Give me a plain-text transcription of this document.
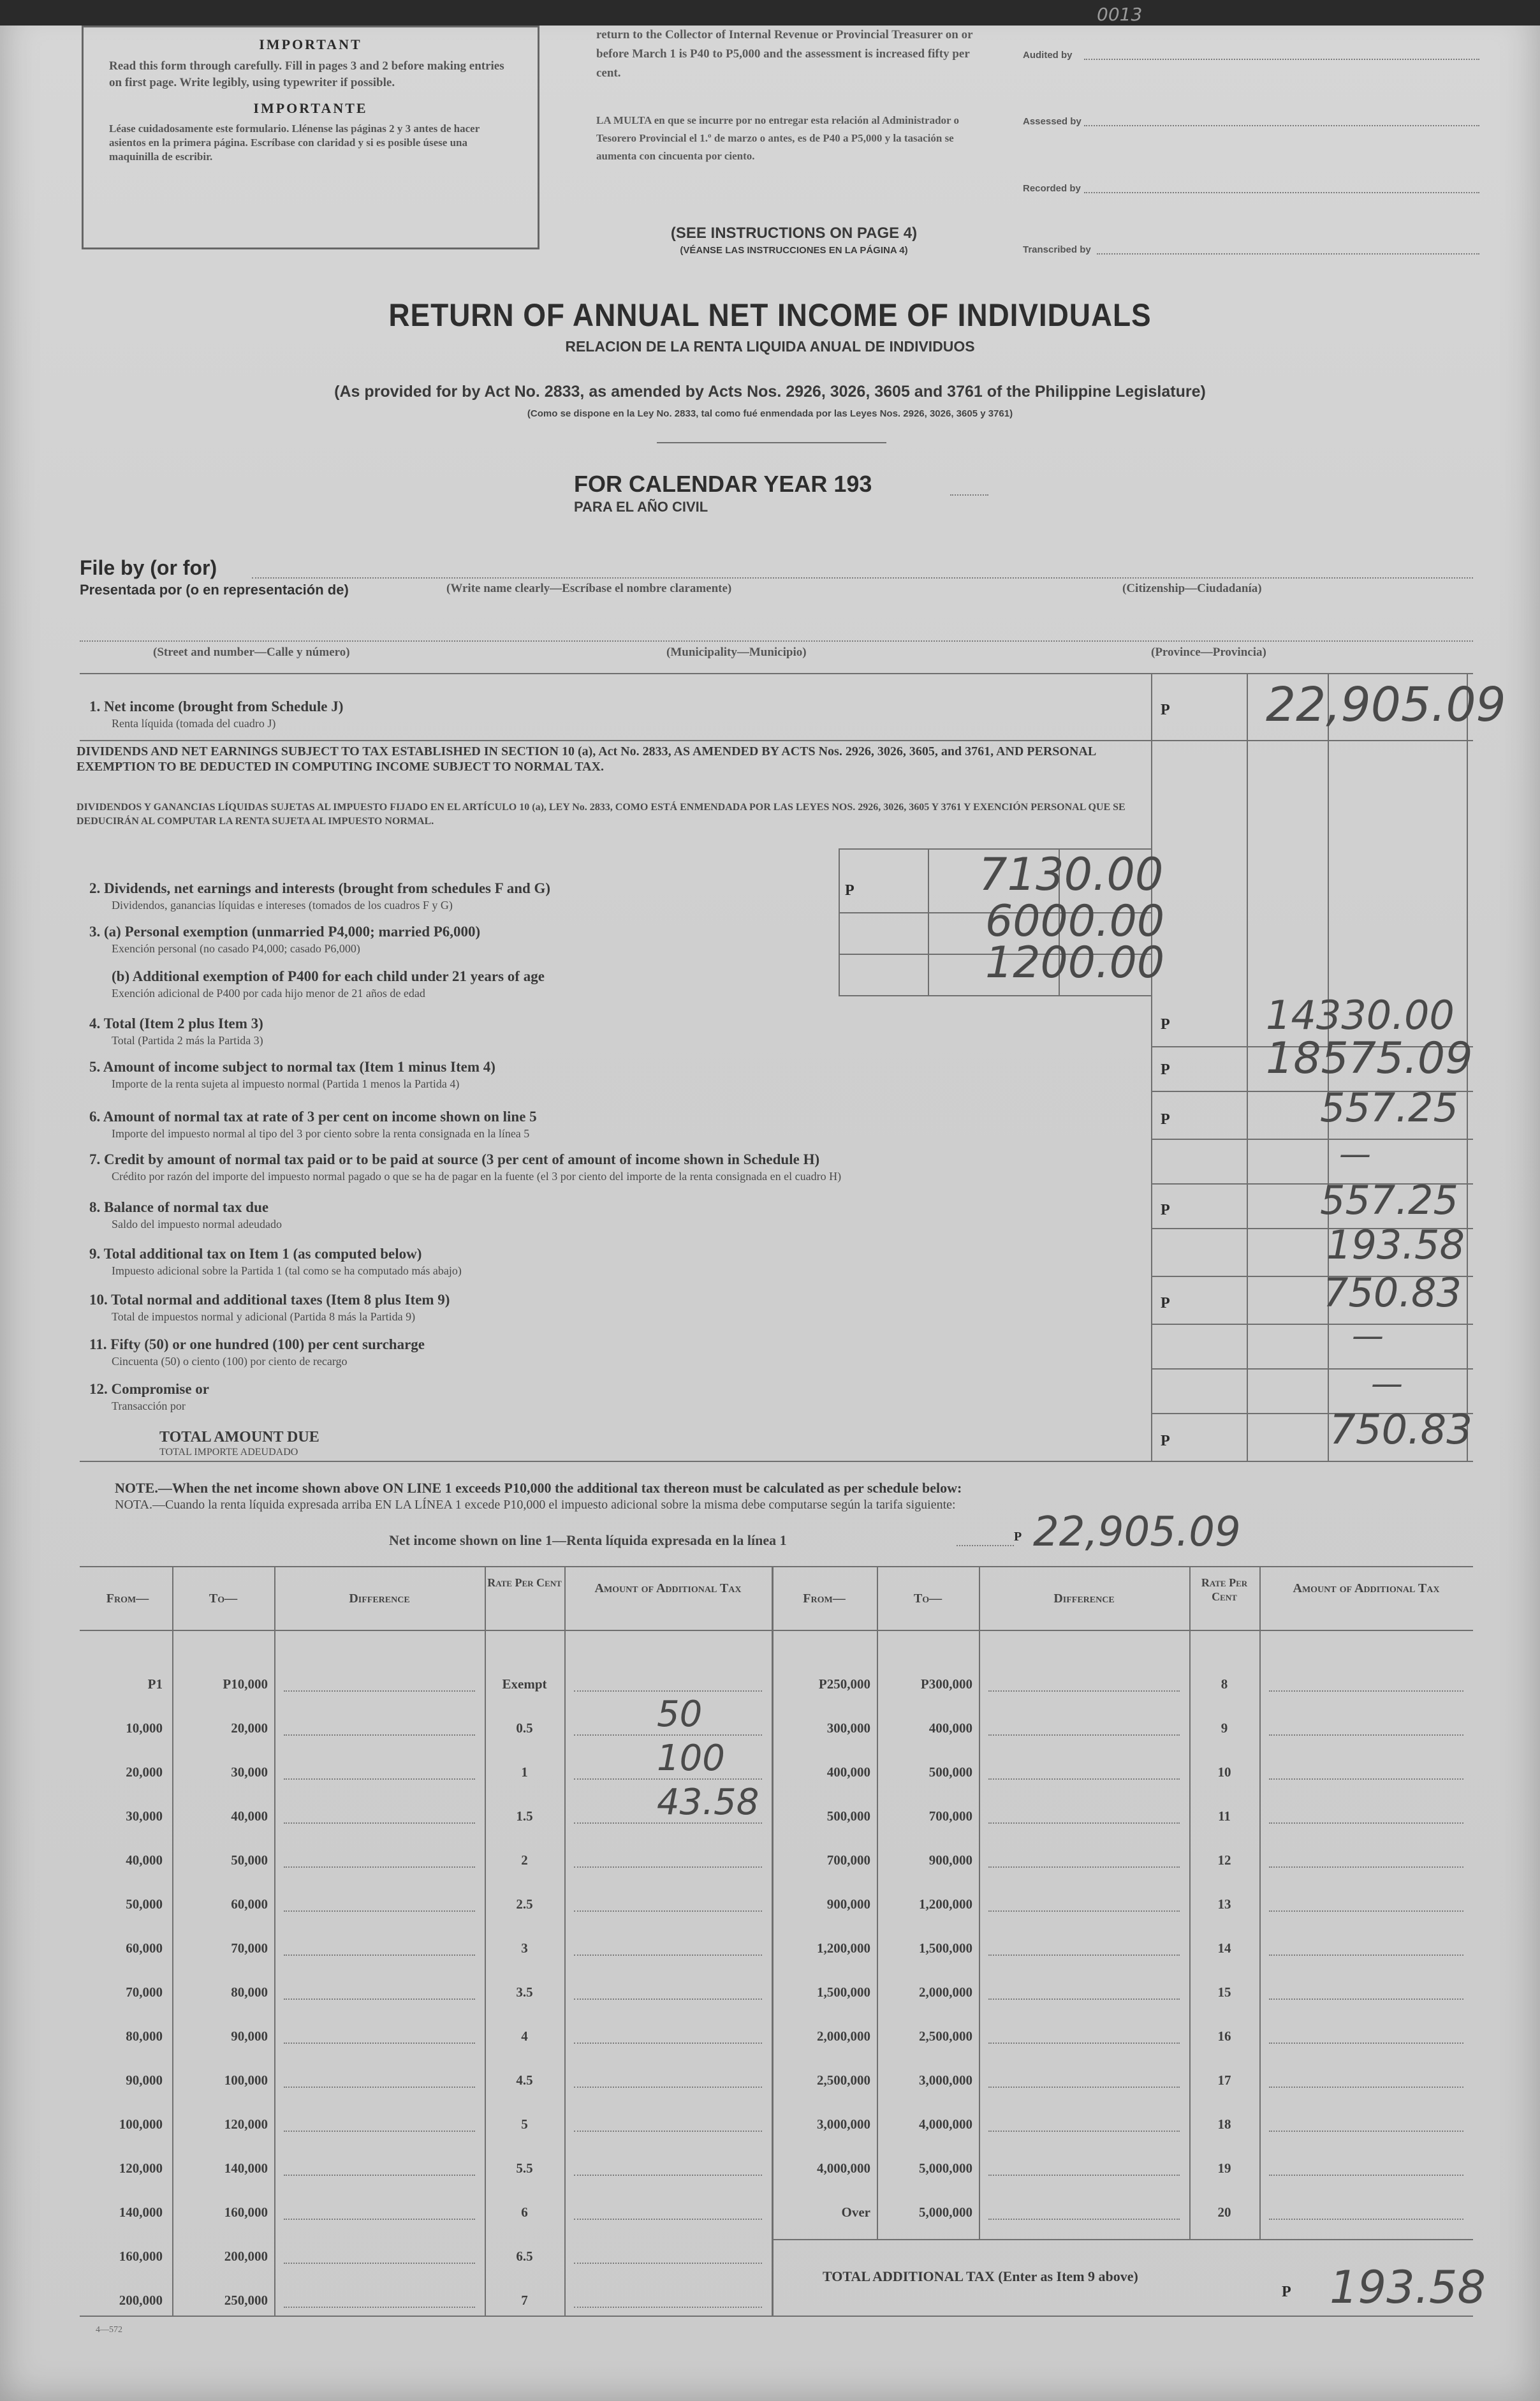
IMPORTANT

Read this form through carefully. Fill in pages 3 and 2 before making entries on first page. Write legibly, using typewriter if possible.

IMPORTANTE

Léase cuidadosamente este formulario. Llénense las páginas 2 y 3 antes de hacer asientos en la primera página. Escríbase con claridad y si es posible úsese una maquinilla de escribir.

return to the Collector of Internal Revenue or Provincial Treasurer on or before March 1 is P40 to P5,000 and the assessment is increased fifty per cent.
LA MULTA en que se incurre por no entregar esta relación al Administrador o Tesorero Provincial el 1.º de marzo o antes, es de P40 a P5,000 y la tasación se aumenta con cincuenta por ciento.
(SEE INSTRUCTIONS ON PAGE 4)
(VÉANSE LAS INSTRUCCIONES EN LA PÁGINA 4)
Audited by
Assessed by
Recorded by
Transcribed by
0013
RETURN OF ANNUAL NET INCOME OF INDIVIDUALS
RELACION DE LA RENTA LIQUIDA ANUAL DE INDIVIDUOS
(As provided for by Act No. 2833, as amended by Acts Nos. 2926, 3026, 3605 and 3761 of the Philippine Legislature)
(Como se dispone en la Ley No. 2833, tal como fué enmendada por las Leyes Nos. 2926, 3026, 3605 y 3761)
FOR CALENDAR YEAR 193
PARA EL AÑO CIVIL
File by (or for)
Presentada por (o en representación de)	(Write name clearly—Escríbase el nombre claramente)	(Citizenship—Ciudadanía)
(Street and number—Calle y número)	(Municipality—Municipio)	(Province—Provincia)
1. Net income (brought from Schedule J)
Renta líquida (tomada del cuadro J)
P 22,905.09
DIVIDENDS AND NET EARNINGS SUBJECT TO TAX ESTABLISHED IN SECTION 10 (a), Act No. 2833, AS AMENDED BY ACTS Nos. 2926, 3026, 3605, and 3761, AND PERSONAL EXEMPTION TO BE DEDUCTED IN COMPUTING INCOME SUBJECT TO NORMAL TAX.
DIVIDENDOS Y GANANCIAS LÍQUIDAS SUJETAS AL IMPUESTO FIJADO EN EL ARTÍCULO 10 (a), LEY No. 2833, COMO ESTÁ ENMENDADA POR LAS LEYES NOS. 2926, 3026, 3605 Y 3761 Y EXENCIÓN PERSONAL QUE SE DEDUCIRÁN AL COMPUTAR LA RENTA SUJETA AL IMPUESTO NORMAL.
2. Dividends, net earnings and interests (brought from schedules F and G)
Dividendos, ganancias líquidas e intereses (tomados de los cuadros F y G)
P	7130.00
3. (a) Personal exemption (unmarried P4,000; married P6,000)
Exención personal (no casado P4,000; casado P6,000)
6000.00
(b) Additional exemption of P400 for each child under 21 years of age
Exención adicional de P400 por cada hijo menor de 21 años de edad
1200.00
4. Total (Item 2 plus Item 3)
Total (Partida 2 más la Partida 3)
P 14330.00
5. Amount of income subject to normal tax (Item 1 minus Item 4)
Importe de la renta sujeta al impuesto normal (Partida 1 menos la Partida 4)
P 18575.09
6. Amount of normal tax at rate of 3 per cent on income shown on line 5
Importe del impuesto normal al tipo del 3 por ciento sobre la renta consignada en la línea 5
P	557.25
7. Credit by amount of normal tax paid or to be paid at source (3 per cent of amount of income shown in Schedule H)
Crédito por razón del importe del impuesto normal pagado o que se ha de pagar en la fuente (el 3 por ciento del importe de la renta consignada en el cuadro H)
—
8. Balance of normal tax due
Saldo del impuesto normal adeudado
P	557.25
9. Total additional tax on Item 1 (as computed below)
Impuesto adicional sobre la Partida 1 (tal como se ha computado más abajo)
193.58
10. Total normal and additional taxes (Item 8 plus Item 9)
Total de impuestos normal y adicional (Partida 8 más la Partida 9)
P	750.83
11. Fifty (50) or one hundred (100) per cent surcharge
Cincuenta (50) o ciento (100) por ciento de recargo
—
12. Compromise or
Transacción por
—
TOTAL AMOUNT DUE
TOTAL IMPORTE ADEUDADO
P	750.83
NOTE.—When the net income shown above ON LINE 1 exceeds P10,000 the additional tax thereon must be calculated as per schedule below:
NOTA.—Cuando la renta líquida expresada arriba EN LA LÍNEA 1 excede P10,000 el impuesto adicional sobre la misma debe computarse según la tarifa siguiente:
Net income shown on line 1—Renta líquida expresada en la línea 1	P 22,905.09
From—	To—	Difference
Rate Per Cent	Amount of Additional Tax
From—	To—	Difference
Rate Per Cent
Amount of Additional Tax
P1	P10,000	Exempt
10,000	20,000	0.5	50
20,000	30,000	1	100
30,000	40,000	1.5	43.58
40,000	50,000	2
50,000	60,000	2.5
60,000	70,000	3
70,000	80,000	3.5
80,000	90,000	4
90,000	100,000	4.5
100,000	120,000	5
120,000	140,000	5.5
140,000	160,000	6
160,000	200,000	6.5
200,000	250,000	7
P250,000	P300,000	8
300,000	400,000	9
400,000	500,000	10
500,000	700,000	11
700,000	900,000	12
900,000	1,200,000	13
1,200,000	1,500,000	14
1,500,000	2,000,000	15
2,000,000	2,500,000	16
2,500,000	3,000,000	17
3,000,000	4,000,000	18
4,000,000	5,000,000	19
Over	5,000,000	20
TOTAL ADDITIONAL TAX (Enter as Item 9 above)
P 193.58
4—572
